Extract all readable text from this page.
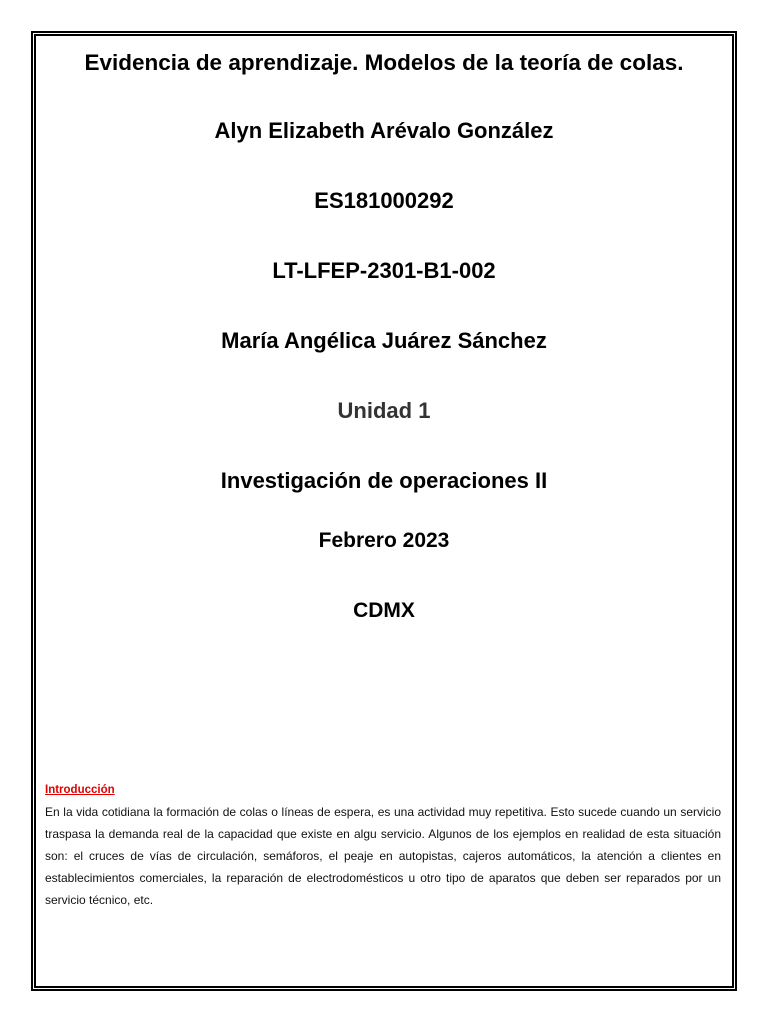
Evidencia de aprendizaje. Modelos de la teoría de colas.
Alyn Elizabeth Arévalo González
ES181000292
LT-LFEP-2301-B1-002
María Angélica Juárez Sánchez
Unidad 1
Investigación de operaciones II
Febrero 2023
CDMX
Introducción

En la vida cotidiana la formación de colas o líneas de espera, es una actividad muy repetitiva. Esto sucede cuando un servicio traspasa la demanda real de la capacidad que existe en algu servicio. Algunos de los ejemplos en realidad de esta situación son: el cruces de vías de circulación, semáforos, el peaje en autopistas, cajeros automáticos, la atención a clientes en establecimientos comerciales, la reparación de electrodomésticos u otro tipo de aparatos que deben ser reparados por un servicio técnico, etc.
